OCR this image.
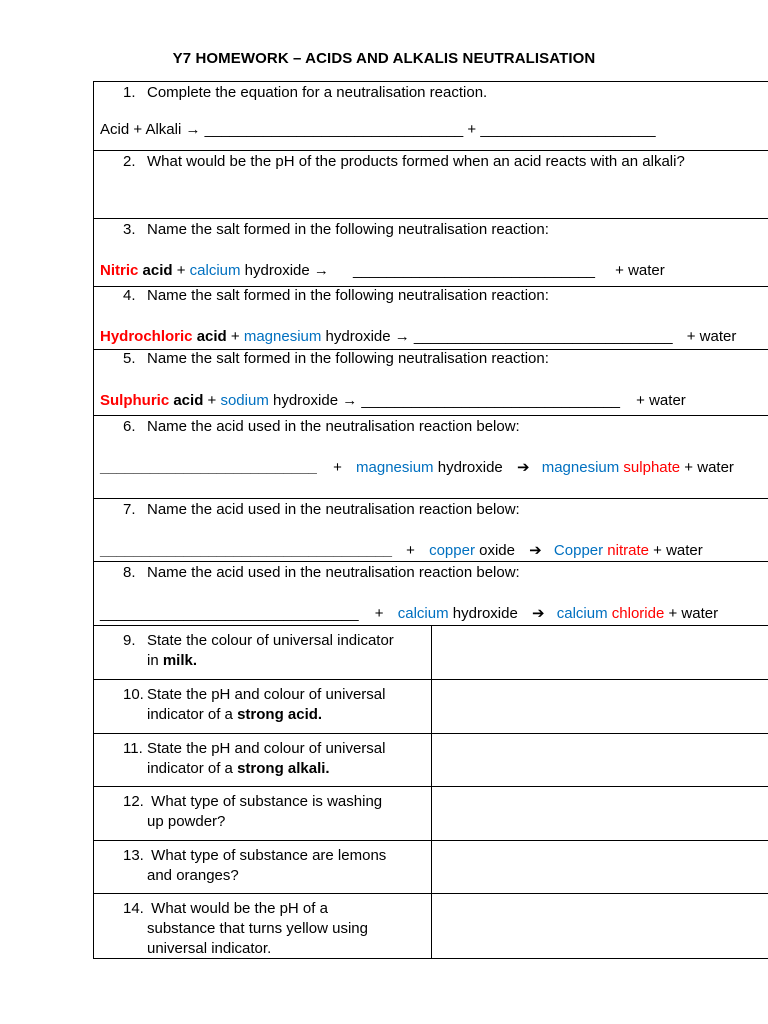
Y7 HOMEWORK – ACIDS AND ALKALIS NEUTRALISATION
1. Complete the equation for a neutralisation reaction.
Acid + Alkali → _______________________________ + _____________________
2. What would be the pH of the products formed when an acid reacts with an alkali?
3. Name the salt formed in the following neutralisation reaction:
Nitric acid + calcium hydroxide → _____________________________ + water
4. Name the salt formed in the following neutralisation reaction:
Hydrochloric acid + magnesium hydroxide → _______________________________ + water
5. Name the salt formed in the following neutralisation reaction:
Sulphuric acid + sodium hydroxide → _______________________________ + water
6. Name the acid used in the neutralisation reaction below:
__________________________ + magnesium hydroxide ➔ magnesium sulphate + water
7. Name the acid used in the neutralisation reaction below:
___________________________________ + copper oxide ➔ Copper nitrate + water
8. Name the acid used in the neutralisation reaction below:
_______________________________ + calcium hydroxide ➔ calcium chloride + water
9. State the colour of universal indicator
in milk.
10. State the pH and colour of universal
indicator of a strong acid.
11. State the pH and colour of universal
indicator of a strong alkali.
12. What type of substance is washing
up powder?
13. What type of substance are lemons
and oranges?
14. What would be the pH of a
substance that turns yellow using
universal indicator.
